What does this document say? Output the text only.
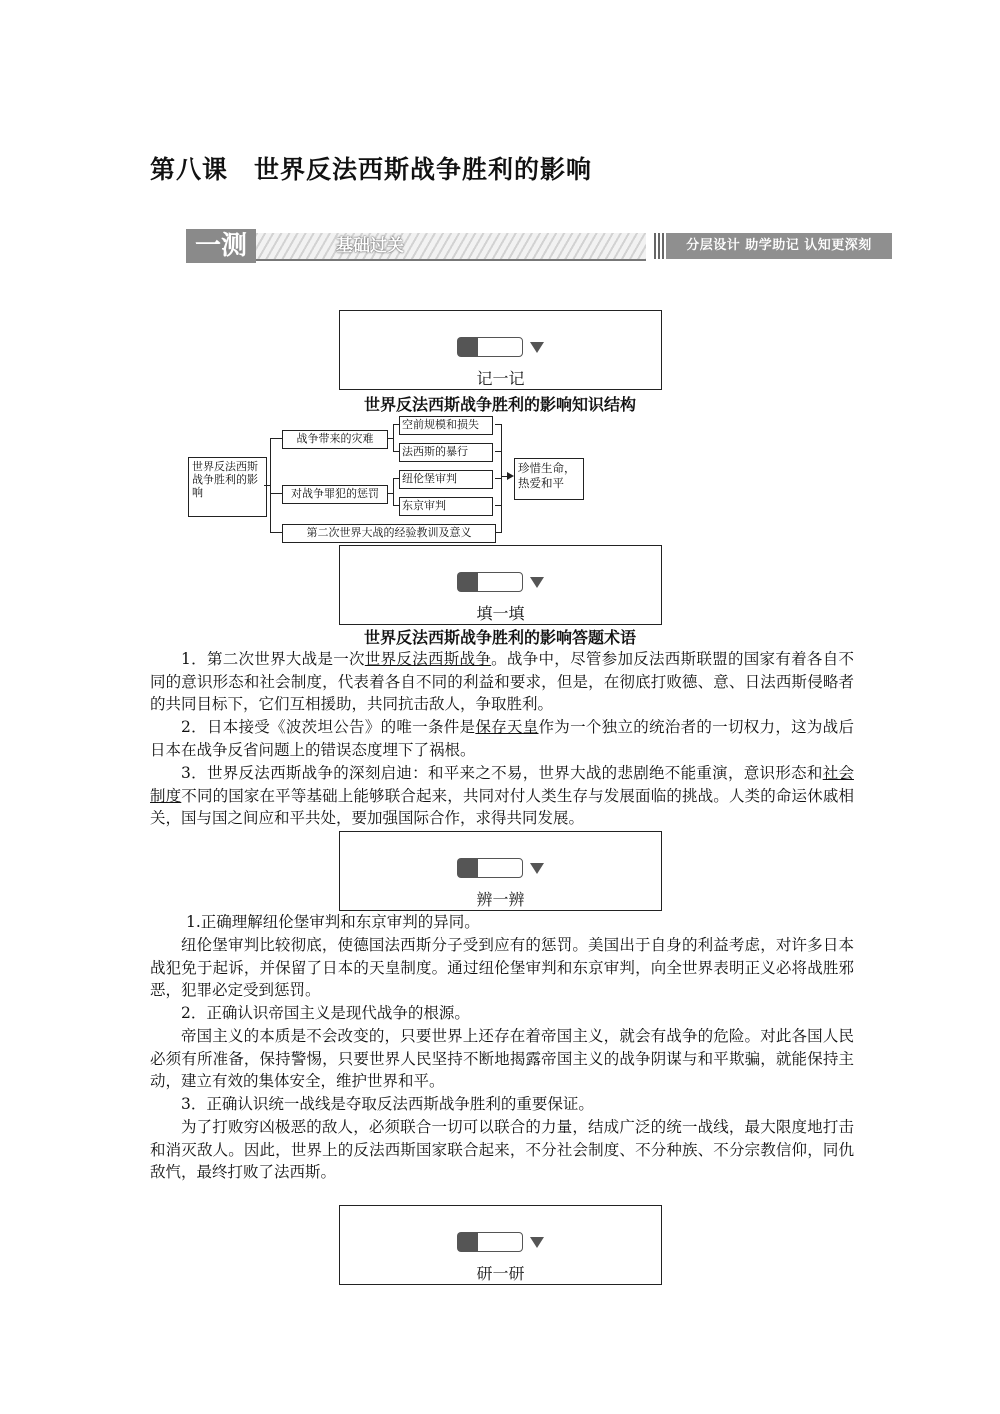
第八课　世界反法西斯战争胜利的影响
一测	基础过关	分层设计 助学助记 认知更深刻
记一记
世界反法西斯战争胜利的影响知识结构
世界反法西斯战争胜利的影响
战争带来的灾难
对战争罪犯的惩罚
第二次世界大战的经验教训及意义
空前规模和损失
法西斯的暴行
纽伦堡审判
东京审判
珍惜生命，热爱和平
填一填
世界反法西斯战争胜利的影响答题术语
1．第二次世界大战是一次世界反法西斯战争。战争中，尽管参加反法西斯联盟的国家有着各自不同的意识形态和社会制度，代表着各自不同的利益和要求，但是，在彻底打败德、意、日法西斯侵略者的共同目标下，它们互相援助，共同抗击敌人，争取胜利。
2．日本接受《波茨坦公告》的唯一条件是保存天皇作为一个独立的统治者的一切权力，这为战后日本在战争反省问题上的错误态度埋下了祸根。
3．世界反法西斯战争的深刻启迪：和平来之不易，世界大战的悲剧绝不能重演，意识形态和社会制度不同的国家在平等基础上能够联合起来，共同对付人类生存与发展面临的挑战。人类的命运休戚相关，国与国之间应和平共处，要加强国际合作，求得共同发展。
辨一辨
1.正确理解纽伦堡审判和东京审判的异同。
纽伦堡审判比较彻底，使德国法西斯分子受到应有的惩罚。美国出于自身的利益考虑，对许多日本战犯免于起诉，并保留了日本的天皇制度。通过纽伦堡审判和东京审判，向全世界表明正义必将战胜邪恶，犯罪必定受到惩罚。
2．正确认识帝国主义是现代战争的根源。
帝国主义的本质是不会改变的，只要世界上还存在着帝国主义，就会有战争的危险。对此各国人民必须有所准备，保持警惕，只要世界人民坚持不断地揭露帝国主义的战争阴谋与和平欺骗，就能保持主动，建立有效的集体安全，维护世界和平。
3．正确认识统一战线是夺取反法西斯战争胜利的重要保证。
为了打败穷凶极恶的敌人，必须联合一切可以联合的力量，结成广泛的统一战线，最大限度地打击和消灭敌人。因此，世界上的反法西斯国家联合起来，不分社会制度、不分种族、不分宗教信仰，同仇敌忾，最终打败了法西斯。
研一研
